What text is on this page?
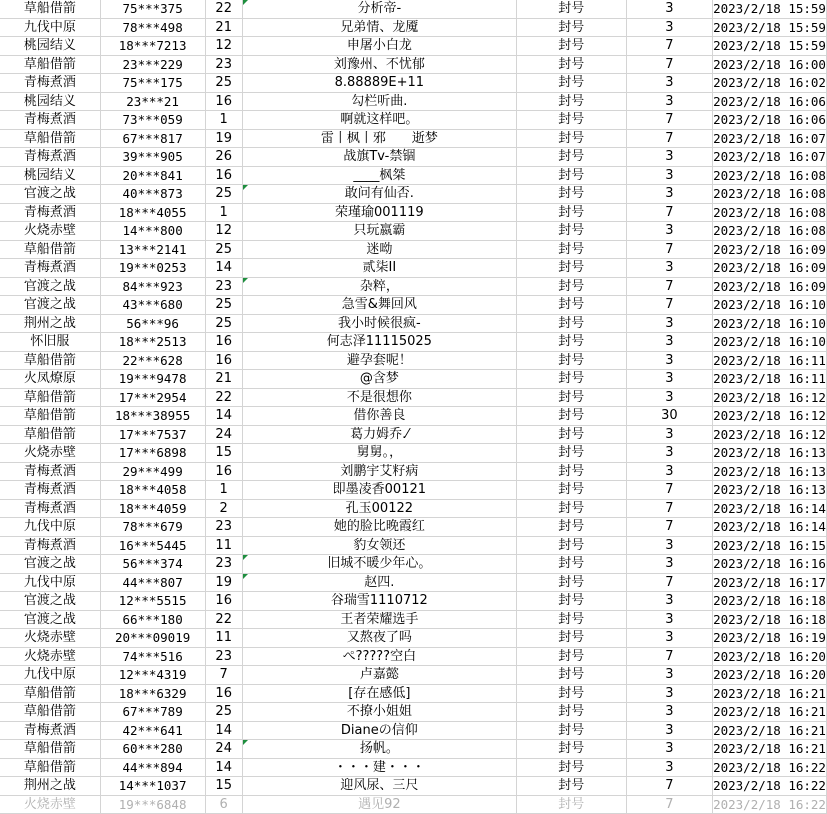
草船借箭	75***375	22	分析帝-	封号	3	2023/2/18 15:59
九伐中原	78***498	21	兄弟情、龙魇	封号	3	2023/2/18 15:59
桃园结义	18***7213	12	申屠小白龙	封号	7	2023/2/18 15:59
草船借箭	23***229	23	刘豫州、不忧郁	封号	7	2023/2/18 16:00
青梅煮酒	75***175	25	8.88889E+11	封号	3	2023/2/18 16:02
桃园结义	23***21	16	勾栏听曲.	封号	3	2023/2/18 16:06
青梅煮酒	73***059	1	啊就这样吧。	封号	7	2023/2/18 16:06
草船借箭	67***817	19	雷丨枫丨邪　　逝梦	封号	7	2023/2/18 16:07
青梅煮酒	39***905	26	战旗Tv-禁锢	封号	3	2023/2/18 16:07
桃园结义	20***841	16	____枫桀	封号	3	2023/2/18 16:08
官渡之战	40***873	25	敢问有仙否.	封号	3	2023/2/18 16:08
青梅煮酒	18***4055	1	荣瑾瑜001119	封号	7	2023/2/18 16:08
火烧赤壁	14***800	12	只玩嬴霸	封号	3	2023/2/18 16:08
草船借箭	13***2141	25	迷呦	封号	7	2023/2/18 16:09
青梅煮酒	19***0253	14	贰柒II	封号	3	2023/2/18 16:09
官渡之战	84***923	23	杂粹，	封号	7	2023/2/18 16:09
官渡之战	43***680	25	急雪&舞回风	封号	7	2023/2/18 16:10
荆州之战	56***96	25	我小时候很疯-	封号	3	2023/2/18 16:10
怀旧服	18***2513	16	何志泽11115025	封号	3	2023/2/18 16:10
草船借箭	22***628	16	避孕套呢！	封号	3	2023/2/18 16:11
火凤燎原	19***9478	21	@含梦	封号	3	2023/2/18 16:11
草船借箭	17***2954	22	不是很想你	封号	3	2023/2/18 16:12
草船借箭	18***38955	14	借你善良	封号	30	2023/2/18 16:12
草船借箭	17***7537	24	葛力姆乔.⁄	封号	3	2023/2/18 16:12
火烧赤壁	17***6898	15	舅舅。，	封号	3	2023/2/18 16:13
青梅煮酒	29***499	16	刘鹏宇艾籽病	封号	3	2023/2/18 16:13
青梅煮酒	18***4058	1	即墨凌香00121	封号	7	2023/2/18 16:13
青梅煮酒	18***4059	2	孔玉00122	封号	7	2023/2/18 16:14
九伐中原	78***679	23	她的脸比晚霞红	封号	7	2023/2/18 16:14
青梅煮酒	16***5445	11	豹女领还	封号	3	2023/2/18 16:15
官渡之战	56***374	23	旧城不暖少年心。	封号	3	2023/2/18 16:16
九伐中原	44***807	19	赵四.	封号	7	2023/2/18 16:17
官渡之战	12***5515	16	谷瑞雪1110712	封号	3	2023/2/18 16:18
官渡之战	66***180	22	王者荣耀选手	封号	3	2023/2/18 16:18
火烧赤壁	20***09019	11	又熬夜了吗	封号	3	2023/2/18 16:19
火烧赤壁	74***516	23	ぺ?????空白	封号	7	2023/2/18 16:20
九伐中原	12***4319	7	卢嘉懿	封号	3	2023/2/18 16:20
草船借箭	18***6329	16	[存在感低]	封号	3	2023/2/18 16:21
草船借箭	67***789	25	不撩小姐姐	封号	3	2023/2/18 16:21
青梅煮酒	42***641	14	Dianeの信仰	封号	3	2023/2/18 16:21
草船借箭	60***280	24	扬帆。	封号	3	2023/2/18 16:21
草船借箭	44***894	14	・・・建・・・	封号	3	2023/2/18 16:22
荆州之战	14***1037	15	迎风尿、三尺	封号	7	2023/2/18 16:22
火烧赤壁	19***6848	6	遇见92	封号	7	2023/2/18 16:22
